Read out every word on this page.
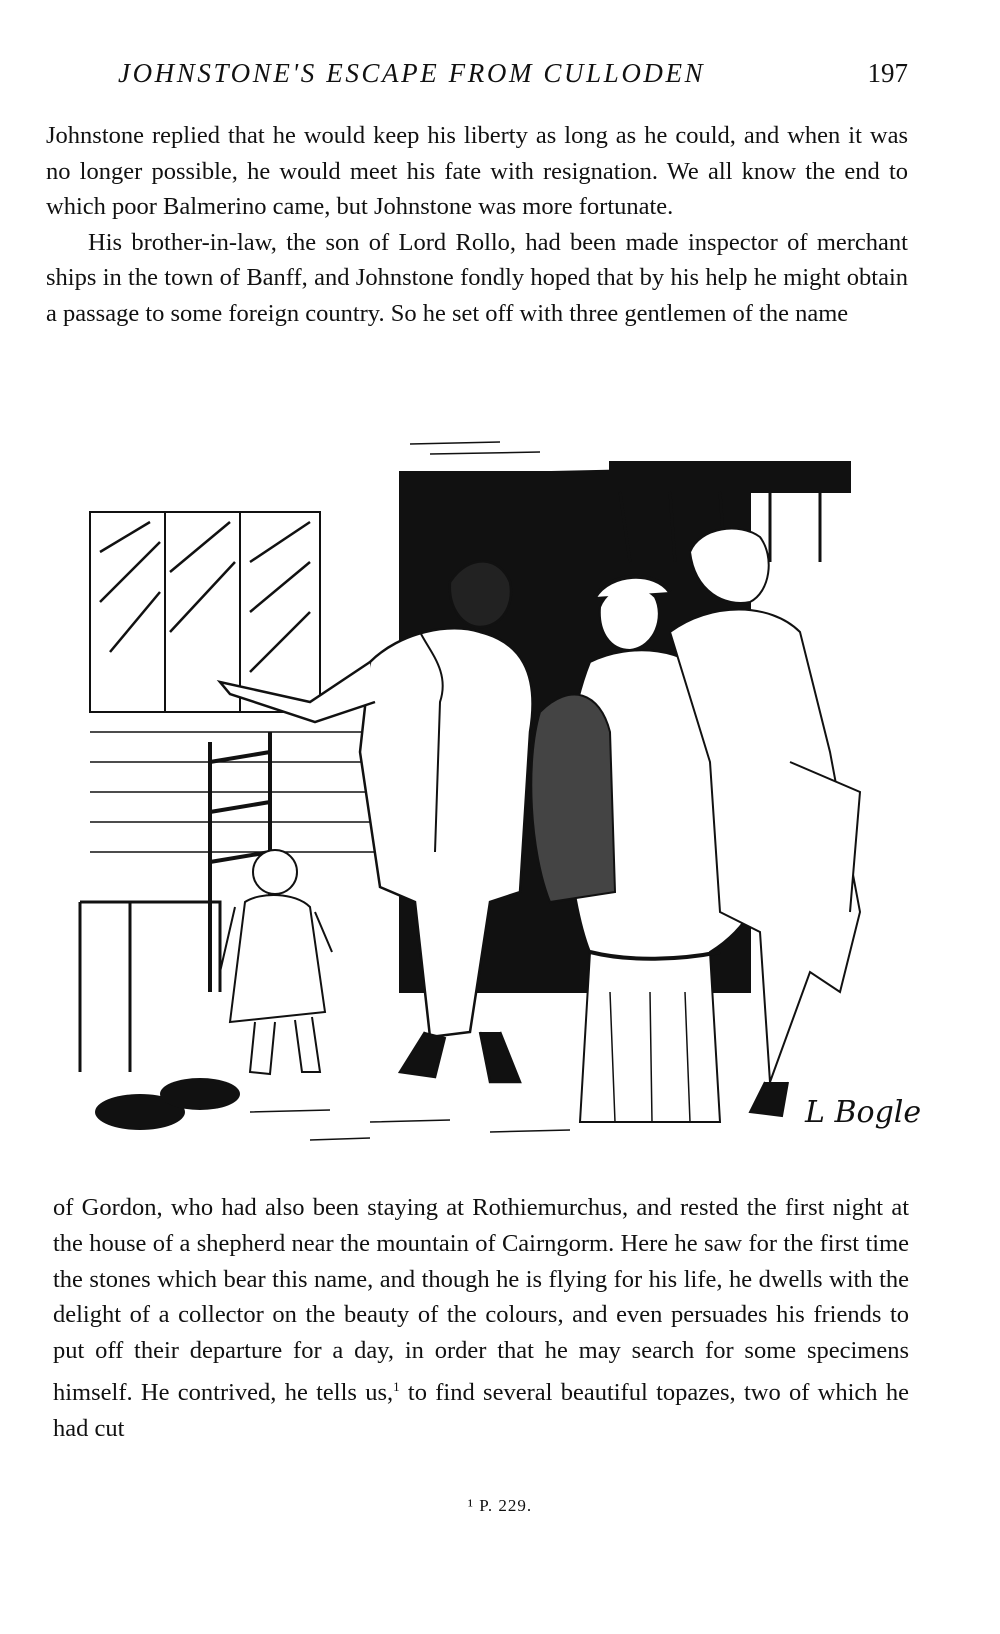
JOHNSTONE'S ESCAPE FROM CULLODEN	197

Johnstone replied that he would keep his liberty as long as he could, and when it was no longer possible, he would meet his fate with resignation. We all know the end to which poor Balmerino came, but Johnstone was more fortunate.

His brother-in-law, the son of Lord Rollo, had been made inspector of merchant ships in the town of Banff, and Johnstone fondly hoped that by his help he might obtain a passage to some foreign country. So he set off with three gentlemen of the name

L Bogle

of Gordon, who had also been staying at Rothiemurchus, and rested the first night at the house of a shepherd near the mountain of Cairngorm. Here he saw for the first time the stones which bear this name, and though he is flying for his life, he dwells with the delight of a collector on the beauty of the colours, and even persuades his friends to put off their departure for a day, in order that he may search for some specimens himself. He contrived, he tells us,$^1$ to find several beautiful topazes, two of which he had cut

¹ P. 229.
